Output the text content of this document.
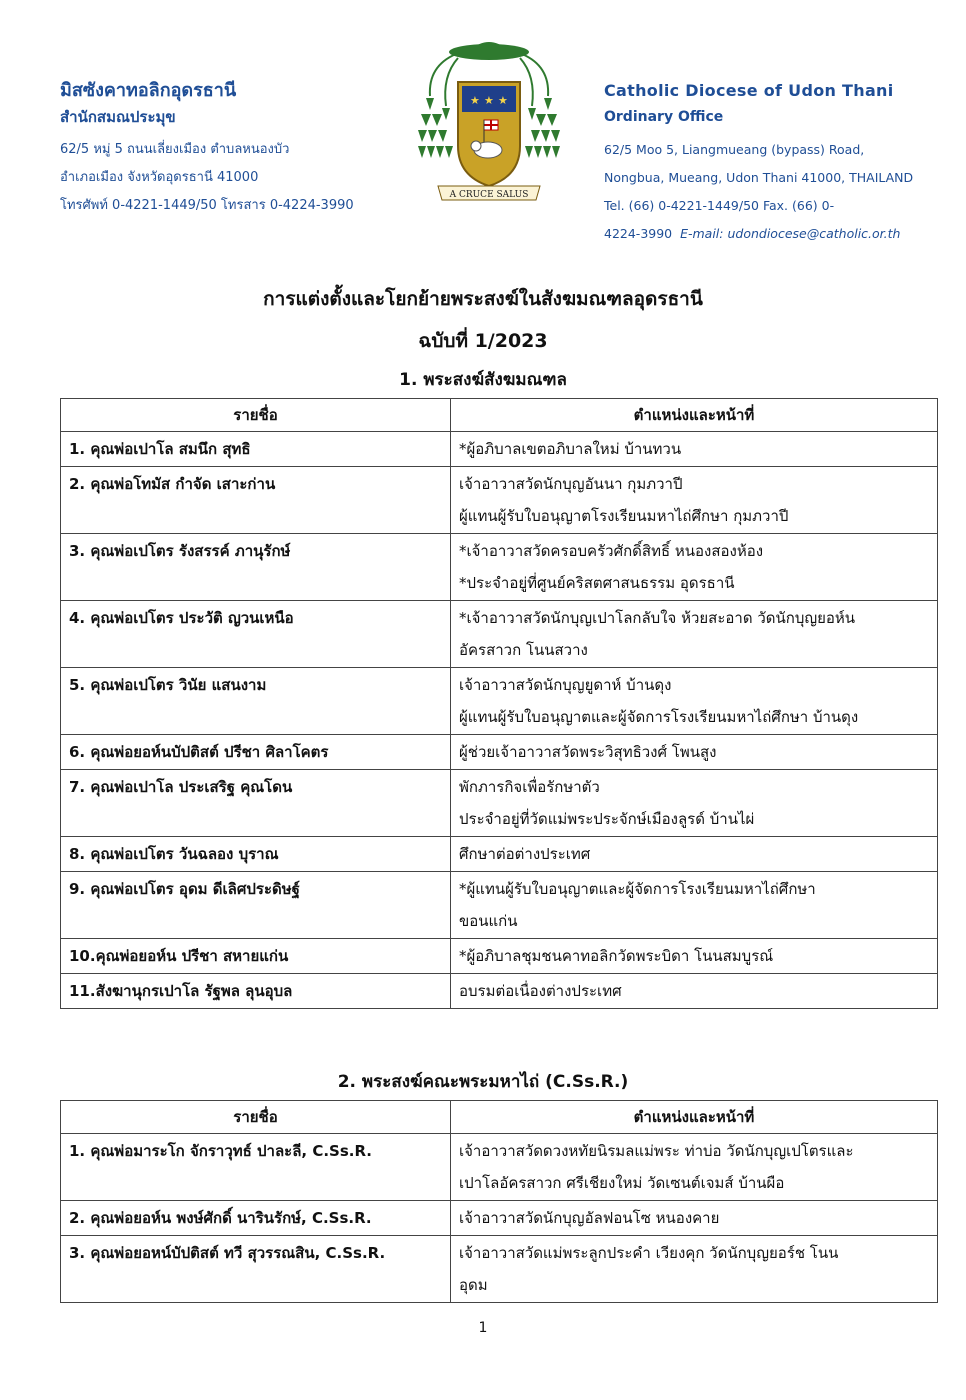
มิสซังคาทอลิกอุดรธานี
สำนักสมณประมุข
62/5 หมู่ 5 ถนนเลี่ยงเมือง ตำบลหนองบัว
อำเภอเมือง จังหวัดอุดรธานี 41000
โทรศัพท์ 0-4221-1449/50 โทรสาร 0-4224-3990
★ ★ ★
A CRUCE SALUS
Catholic Diocese of Udon Thani
Ordinary Office
62/5 Moo 5, Liangmueang (bypass) Road,
Nongbua, Mueang, Udon Thani 41000, THAILAND
Tel. (66) 0-4221-1449/50 Fax. (66) 0-
4224-3990 E-mail: udondiocese@catholic.or.th
การแต่งตั้งและโยกย้ายพระสงฆ์ในสังฆมณฑลอุดรธานี
ฉบับที่ 1/2023
1. พระสงฆ์สังฆมณฑล
รายชื่อ	ตำแหน่งและหน้าที่

1. คุณพ่อเปาโล สมนึก สุทธิ	*ผู้อภิบาลเขตอภิบาลใหม่ บ้านทวน

2. คุณพ่อโทมัส กำจัด เสาะก่าน	เจ้าอาวาสวัดนักบุญอันนา กุมภวาปี
ผู้แทนผู้รับใบอนุญาตโรงเรียนมหาไถ่ศึกษา กุมภวาปี

3. คุณพ่อเปโตร รังสรรค์ ภานุรักษ์	*เจ้าอาวาสวัดครอบครัวศักดิ์สิทธิ์ หนองสองห้อง
*ประจำอยู่ที่ศูนย์คริสตศาสนธรรม อุดรธานี

4. คุณพ่อเปโตร ประวัติ ญวนเหนือ	*เจ้าอาวาสวัดนักบุญเปาโลกลับใจ ห้วยสะอาด วัดนักบุญยอห์น
อัครสาวก โนนสวาง

5. คุณพ่อเปโตร วินัย แสนงาม	เจ้าอาวาสวัดนักบุญยูดาห์ บ้านดุง
ผู้แทนผู้รับใบอนุญาตและผู้จัดการโรงเรียนมหาไถ่ศึกษา บ้านดุง

6. คุณพ่อยอห์นบัปติสต์ ปรีชา ศิลาโคตร	ผู้ช่วยเจ้าอาวาสวัดพระวิสุทธิวงศ์ โพนสูง

7. คุณพ่อเปาโล ประเสริฐ คุณโดน	พักภารกิจเพื่อรักษาตัว
ประจำอยู่ที่วัดแม่พระประจักษ์เมืองลูรด์ บ้านไผ่

8. คุณพ่อเปโตร วันฉลอง บุราณ	ศึกษาต่อต่างประเทศ

9. คุณพ่อเปโตร อุดม ดีเลิศประดิษฐ์	*ผู้แทนผู้รับใบอนุญาตและผู้จัดการโรงเรียนมหาไถ่ศึกษา
ขอนแก่น

10.คุณพ่อยอห์น ปรีชา สหายแก่น	*ผู้อภิบาลชุมชนคาทอลิกวัดพระบิดา โนนสมบูรณ์

11.สังฆานุกรเปาโล รัฐพล ลุนอุบล	อบรมต่อเนื่องต่างประเทศ
2. พระสงฆ์คณะพระมหาไถ่ (C.Ss.R.)
รายชื่อ	ตำแหน่งและหน้าที่

1. คุณพ่อมาระโก จักราวุทธ์ ปาละลี, C.Ss.R.	เจ้าอาวาสวัดดวงหทัยนิรมลแม่พระ ท่าบ่อ วัดนักบุญเปโตรและ
เปาโลอัครสาวก ศรีเชียงใหม่ วัดเซนต์เจมส์ บ้านผือ

2. คุณพ่อยอห์น พงษ์ศักดิ์ นารินรักษ์, C.Ss.R.	เจ้าอาวาสวัดนักบุญอัลฟอนโซ หนองคาย

3. คุณพ่อยอหน์บัปติสต์ ทวี สุวรรณสิน, C.Ss.R.	เจ้าอาวาสวัดแม่พระลูกประคำ เวียงคุก วัดนักบุญยอร์ช โนน
อุดม
1
